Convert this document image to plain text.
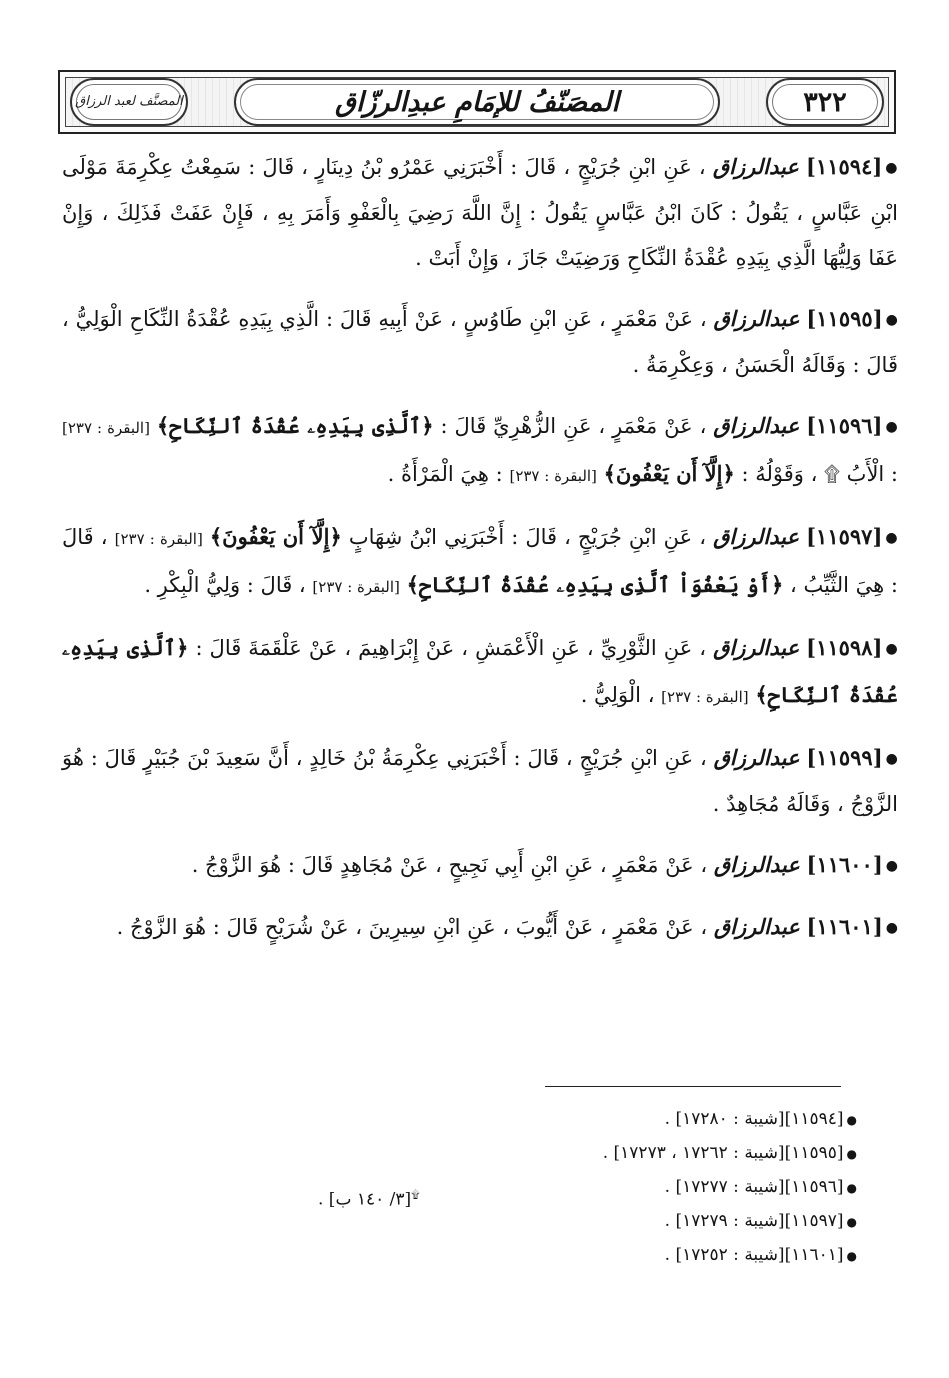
٣٢٢
المصَنّفُ للإمَامِ عبدِالرزّاق
المصنَّف لعبد الرزاق

●[١١٥٩٤] عبدالرزاق ، عَنِ ابْنِ جُرَيْجٍ ، قَالَ : أَخْبَرَنِي عَمْرُو بْنُ دِينَارٍ ، قَالَ : سَمِعْتُ عِكْرِمَةَ مَوْلَى ابْنِ عَبَّاسٍ ، يَقُولُ : كَانَ ابْنُ عَبَّاسٍ يَقُولُ : إِنَّ اللَّهَ رَضِيَ بِالْعَفْوِ وَأَمَرَ بِهِ ، فَإِنْ عَفَتْ فَذَلِكَ ، وَإِنْ عَفَا وَلِيُّهَا الَّذِي بِيَدِهِ عُقْدَةُ النِّكَاحِ وَرَضِيَتْ جَازَ ، وَإِنْ أَبَتْ .

●[١١٥٩٥] عبدالرزاق ، عَنْ مَعْمَرٍ ، عَنِ ابْنِ طَاوُسٍ ، عَنْ أَبِيهِ قَالَ : الَّذِي بِيَدِهِ عُقْدَةُ النِّكَاحِ الْوَلِيُّ ، قَالَ : وَقَالَهُ الْحَسَنُ ، وَعِكْرِمَةُ .

●[١١٥٩٦] عبدالرزاق ، عَنْ مَعْمَرٍ ، عَنِ الزُّهْرِيِّ قَالَ : ﴿ٱلَّذِى بِيَدِهِۦ عُقْدَةُ ٱلنِّكَاحِ﴾ [البقرة : ٢٣٧] : الْأَبُ ۩ ، وَقَوْلُهُ : ﴿إِلَّآ أَن يَعْفُونَ﴾ [البقرة : ٢٣٧] : هِيَ الْمَرْأَةُ .

●[١١٥٩٧] عبدالرزاق ، عَنِ ابْنِ جُرَيْجٍ ، قَالَ : أَخْبَرَنِي ابْنُ شِهَابٍ ﴿إِلَّآ أَن يَعْفُونَ﴾ [البقرة : ٢٣٧] ، قَالَ : هِيَ الثَّيِّبُ ، ﴿أَوْ يَعْفُوَاْ ٱلَّذِى بِيَدِهِۦ عُقْدَةُ ٱلنِّكَاحِ﴾ [البقرة : ٢٣٧] ، قَالَ : وَلِيُّ الْبِكْرِ .

●[١١٥٩٨] عبدالرزاق ، عَنِ الثَّوْرِيِّ ، عَنِ الْأَعْمَشِ ، عَنْ إِبْرَاهِيمَ ، عَنْ عَلْقَمَةَ قَالَ : ﴿ٱلَّذِى بِيَدِهِۦ عُقْدَةُ ٱلنِّكَاحِ﴾ [البقرة : ٢٣٧] ، الْوَلِيُّ .

●[١١٥٩٩] عبدالرزاق ، عَنِ ابْنِ جُرَيْجٍ ، قَالَ : أَخْبَرَنِي عِكْرِمَةُ بْنُ خَالِدٍ ، أَنَّ سَعِيدَ بْنَ جُبَيْرٍ قَالَ : هُوَ الزَّوْجُ ، وَقَالَهُ مُجَاهِدٌ .

●[١١٦٠٠] عبدالرزاق ، عَنْ مَعْمَرٍ ، عَنِ ابْنِ أَبِي نَجِيحٍ ، عَنْ مُجَاهِدٍ قَالَ : هُوَ الزَّوْجُ .

●[١١٦٠١] عبدالرزاق ، عَنْ مَعْمَرٍ ، عَنْ أَيُّوبَ ، عَنِ ابْنِ سِيرِينَ ، عَنْ شُرَيْحٍ قَالَ : هُوَ الزَّوْجُ .

●[١١٥٩٤][شيبة : ١٧٢٨٠] .
●[١١٥٩٥][شيبة : ١٧٢٦٢ ، ١٧٢٧٣] .
●[١١٥٩٦][شيبة : ١٧٢٧٧] .
●[١١٥٩٧][شيبة : ١٧٢٧٩] .
●[١١٦٠١][شيبة : ١٧٢٥٢] .
۩[٣/ ١٤٠ ب] .
